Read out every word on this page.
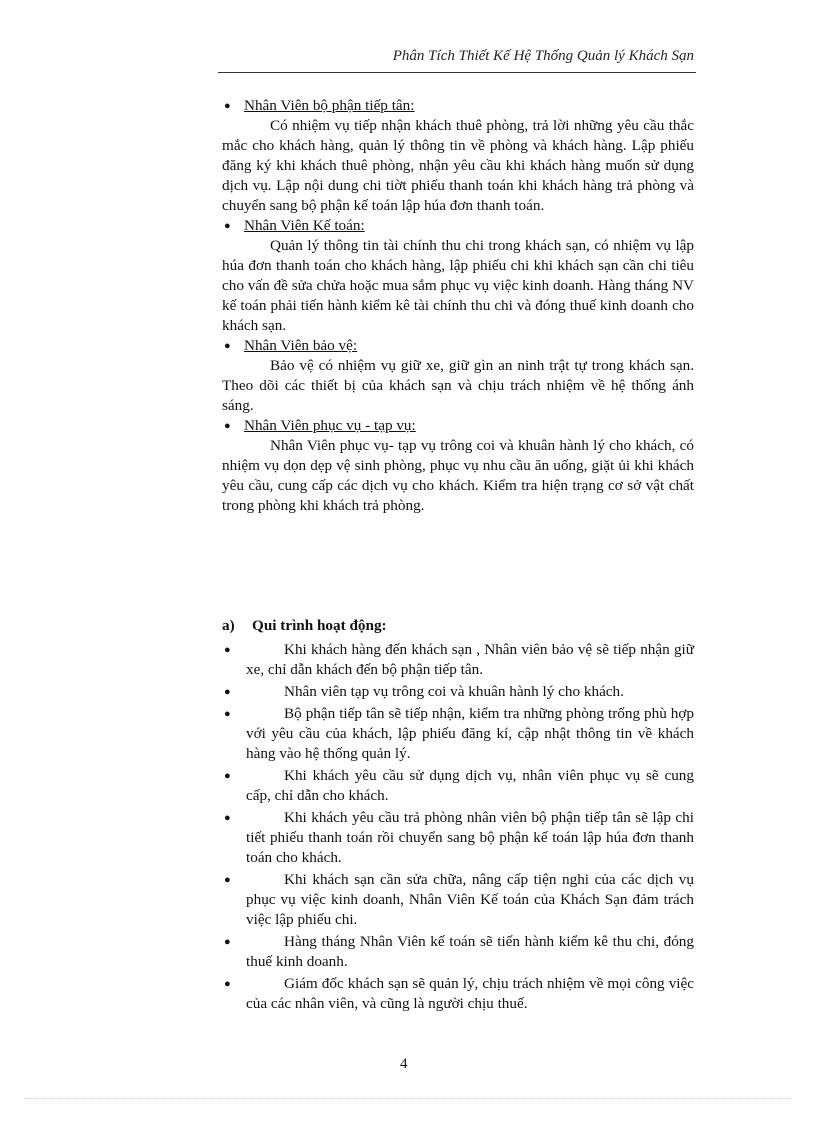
Phân Tích Thiết Kế Hệ Thống Quản lý Khách Sạn
● Nhân Viên bộ phận tiếp tân:

Có nhiệm vụ tiếp nhận khách thuê phòng, trả lời những yêu cầu thắc mắc cho khách hàng, quản lý thông tin về phòng và khách hàng. Lập phiếu đăng ký khi khách thuê phòng, nhận yêu cầu khi khách hàng muốn sử dụng dịch vụ. Lập nội dung chi tiờt phiếu thanh toán khi khách hàng trả phòng và chuyển sang bộ phận kế toán lập húa đơn thanh toán.

● Nhân Viên Kế toán:

Quản lý thông tin tài chính thu chi trong khách sạn, có nhiệm vụ lập húa đơn thanh toán cho khách hàng, lập phiếu chi khi khách sạn cần chi tiêu cho vấn đề sửa chửa hoặc mua sắm phục vụ việc kinh doanh. Hàng tháng NV kế toán phải tiến hành kiểm kê tài chính thu chi và đóng thuế kinh doanh cho khách sạn.

● Nhân Viên bảo vệ:

Bảo vệ có nhiệm vụ giữ xe, giữ gìn an ninh trật tự trong khách sạn. Theo dõi các thiết bị của khách sạn và chịu trách nhiệm về hệ thống ánh sáng.

● Nhân Viên phục vụ - tạp vụ:

Nhân Viên phục vụ- tạp vụ trông coi và khuân hành lý cho khách, có nhiệm vụ dọn dẹp vệ sinh phòng, phục vụ nhu cầu ăn uống, giặt ủi khi khách yêu cầu, cung cấp các dịch vụ cho khách. Kiểm tra hiện trạng cơ sở vật chất trong phòng khi khách trả phòng.

a) Qui trình hoạt động:
●	Khi khách hàng đến khách sạn , Nhân viên bảo vệ sẽ tiếp nhận giữ xe, chỉ dẫn khách đến bộ phận tiếp tân.
●	Nhân viên tạp vụ trông coi và khuân hành lý cho khách.
●	Bộ phận tiếp tân sẽ tiếp nhận, kiểm tra những phòng trống phù hợp với yêu cầu của khách, lập phiếu đăng kí, cập nhật thông tin về khách hàng vào hệ thống quản lý.
●	Khi khách yêu cầu sử dụng dịch vụ, nhân viên phục vụ sẽ cung cấp, chỉ dẫn cho khách.
●	Khi khách yêu cầu trả phòng nhân viên bộ phận tiếp tân sẽ lập chi tiết phiếu thanh toán rồi chuyển sang bộ phận kế toán lập húa đơn thanh toán cho khách.
●	Khi khách sạn cần sửa chữa, nâng cấp tiện nghi của các dịch vụ phục vụ việc kinh doanh, Nhân Viên Kế toán của Khách Sạn đảm trách việc lập phiếu chi.
●	Hàng tháng Nhân Viên kế toán sẽ tiến hành kiểm kê thu chi, đóng thuế kinh doanh.
●	Giám đốc khách sạn sẽ quản lý, chịu trách nhiệm về mọi công việc của các nhân viên, và cũng là người chịu thuế.
4
